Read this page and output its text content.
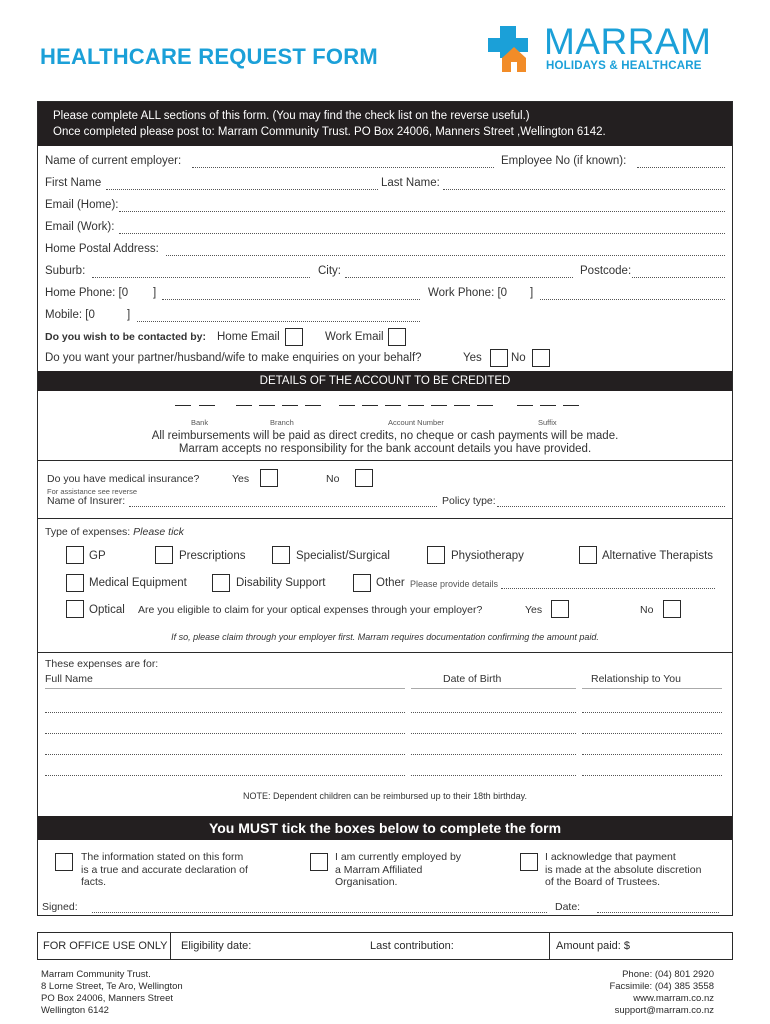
HEALTHCARE REQUEST FORM	MARRAM
HOLIDAYS & HEALTHCARE
Please complete ALL sections of this form. (You may find the check list on the reverse useful.)
Once completed please post to: Marram Community Trust. PO Box 24006, Manners Street ,Wellington 6142.
Name of current employer:	Employee No (if known):
First Name	Last Name:
Email (Home):
Email (Work):
Home Postal Address:
Suburb:	City:	Postcode:
Home Phone: [0 ]	Work Phone: [0 ]
Mobile: [0	]
Do you wish to be contacted by: Home Email	Work Email
Do you want your partner/husband/wife to make enquiries on your behalf?	Yes	No
DETAILS OF THE ACCOUNT TO BE CREDITED
Bank	Branch	Account Number	Suffix
All reimbursements will be paid as direct credits, no cheque or cash payments will be made.
Marram accepts no responsibility for the bank account details you have provided.
Do you have medical insurance?	Yes	No
For assistance see reverse
Name of Insurer:	Policy type:
Type of expenses: Please tick
GP	Prescriptions	Specialist/Surgical	Physiotherapy	Alternative Therapists
Medical Equipment	Disability Support	Other Please provide details
Optical Are you eligible to claim for your optical expenses through your employer?	Yes	No
If so, please claim through your employer first. Marram requires documentation confirming the amount paid.
These expenses are for:
Full Name	Date of Birth	Relationship to You
NOTE: Dependent children can be reimbursed up to their 18th birthday.
You MUST tick the boxes below to complete the form
The information stated on this form
is a true and accurate declaration of
facts.
I am currently employed by
a Marram Affiliated
Organisation.
I acknowledge that payment
is made at the absolute discretion
of the Board of Trustees.
Signed:	Date:
FOR OFFICE USE ONLY	Eligibility date:	Last contribution:	Amount paid: $
Marram Community Trust.
8 Lorne Street, Te Aro, Wellington
PO Box 24006, Manners Street
Wellington 6142
Phone: (04) 801 2920
Facsimile: (04) 385 3558
www.marram.co.nz
support@marram.co.nz
